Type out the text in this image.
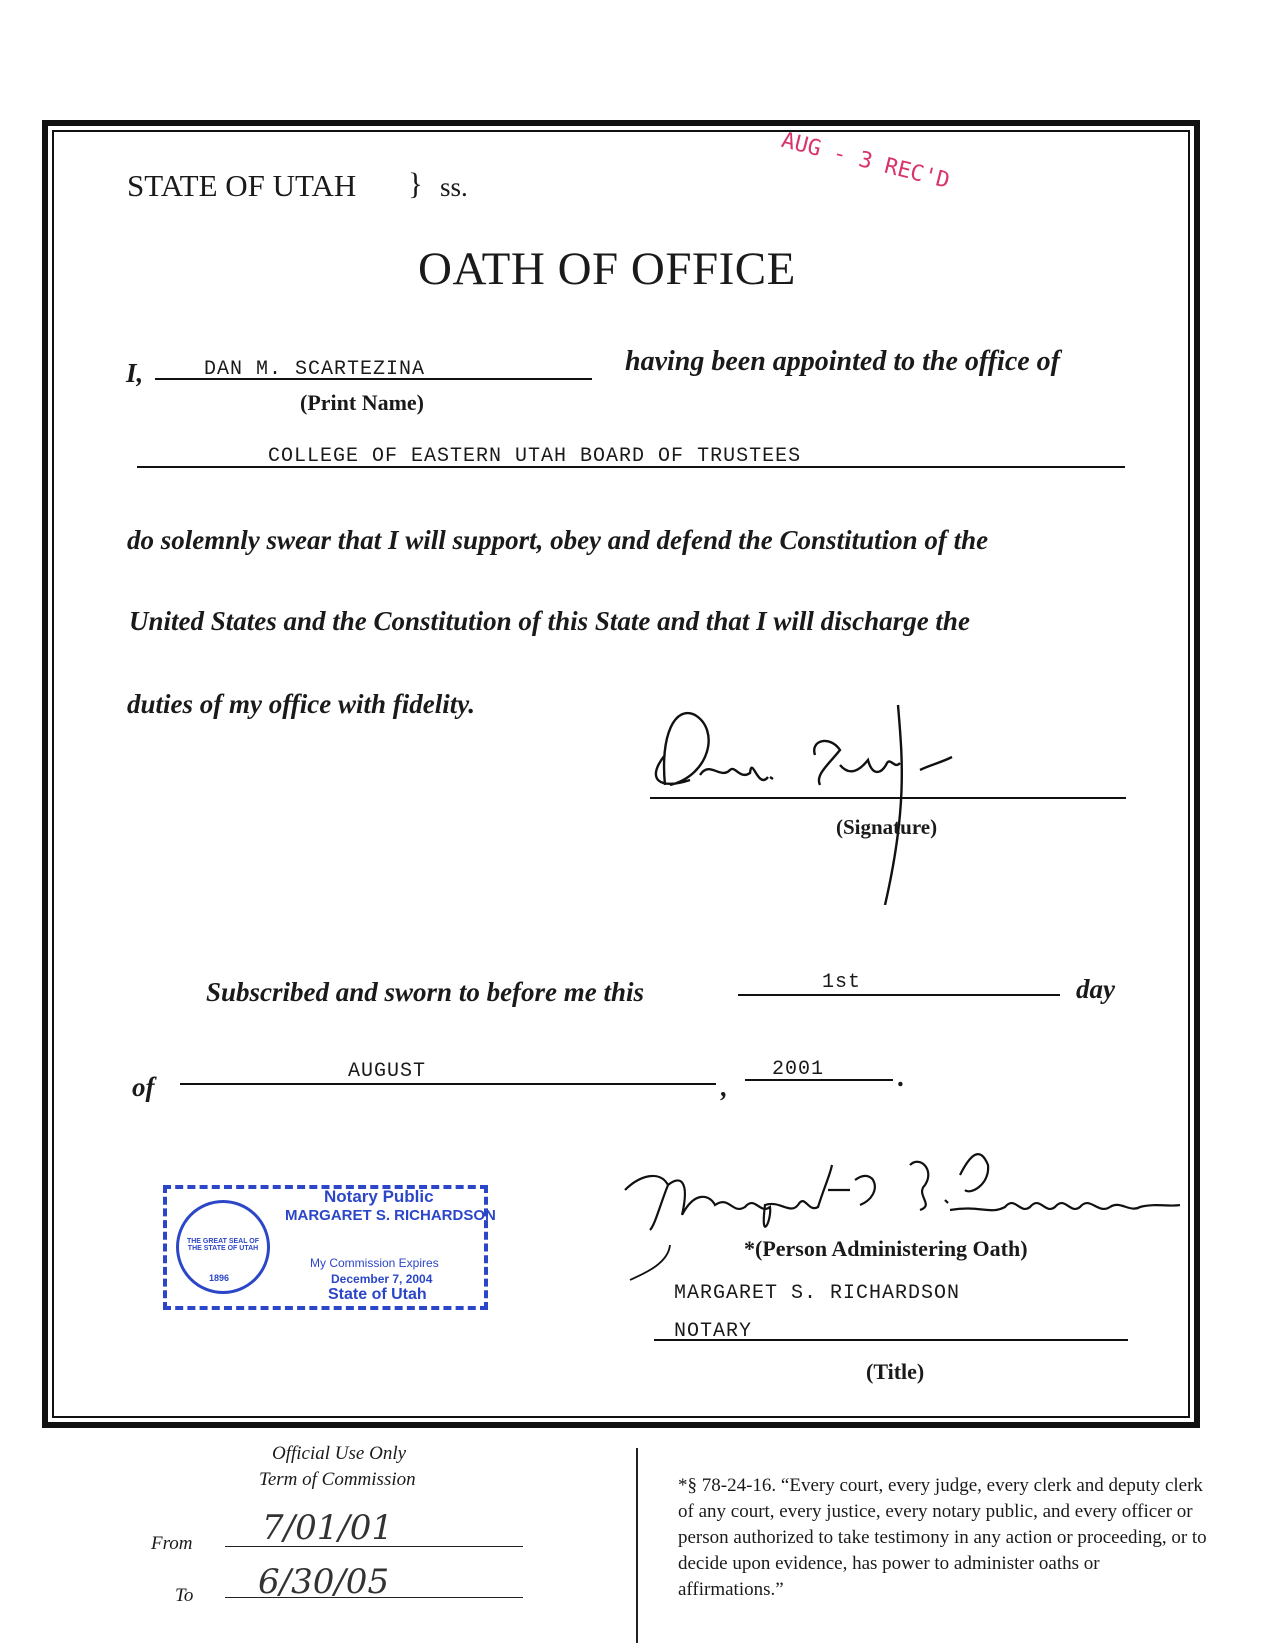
STATE OF UTAH } ss.	AUG - 3 REC'D
OATH OF OFFICE
I,	DAN M. SCARTEZINA	having been appointed to the office of
(Print Name)
COLLEGE OF EASTERN UTAH BOARD OF TRUSTEES
do solemnly swear that I will support, obey and defend the Constitution of the
United States and the Constitution of this State and that I will discharge the
duties of my office with fidelity.
(Signature)
Subscribed and sworn to before me this	1st	day
of
AUGUST
,
2001	.
THE GREAT SEAL OF THE STATE OF UTAH
1896
Notary Public
MARGARET S. RICHARDSON
My Commission Expires
December 7, 2004
State of Utah
*(Person Administering Oath)
MARGARET S. RICHARDSON
NOTARY
(Title)
Official Use Only
Term of Commission
From 7/01/01
To 6/30/05
*§ 78-24-16. “Every court, every judge, every clerk and deputy clerk of any court, every justice, every notary public, and every officer or person authorized to take testimony in any action or proceeding, or to decide upon evidence, has power to administer oaths or affirmations.”
